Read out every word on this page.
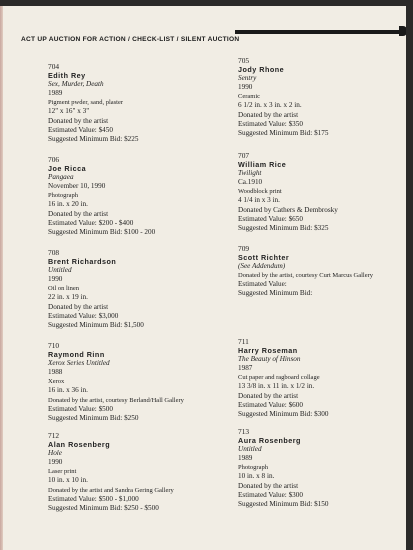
ACT UP AUCTION FOR ACTION / CHECK-LIST / SILENT AUCTION
704
Edith Rey
Sex, Murder, Death
1989
Pigment pwder, sand, plaster
12" x 16" x 3"
Donated by the artist
Estimated Value: $450
Suggested Minimum Bid: $225
705
Jody Rhone
Sentry
1990
Ceramic
6 1/2 in. x 3 in. x 2 in.
Donated by the artist
Estimated Value: $350
Suggested Minimum Bid: $175
706
Joe Ricca
Pangaea
November 10, 1990
Photograph
16 in. x 20 in.
Donated by the artist
Estimated Value: $200 - $400
Suggested Minimum Bid: $100 - 200
707
William Rice
Twilight
Ca.1910
Woodblock print
4 1/4 in x 3 in.
Donated by Cathers & Dembrosky
Estimated Value: $650
Suggested Minimum Bid: $325
708
Brent Richardson
Untitled
1990
Oil on linen
22 in. x 19 in.
Donated by the artist
Estimated Value: $3,000
Suggested Minimum Bid: $1,500
709
Scott Richter
(See Addendum)
Donated by the artist, courtesy Curt Marcus Gallery
Estimated Value:
Suggested Minimum Bid:
710
Raymond Rinn
Xerox Series Untitled
1988
Xerox
16 in. x 36 in.
Donated by the artist, courtesy Berland/Hall Gallery
Estimated Value: $500
Suggested Minimum Bid: $250
711
Harry Roseman
The Beauty of Hinson
1987
Cut paper and ragboard collage
13 3/8 in. x 11 in. x 1/2 in.
Donated by the artist
Estimated Value: $600
Suggested Minimum Bid: $300
712
Alan Rosenberg
Hole
1990
Laser print
10 in. x 10 in.
Donated by the artist and Sandra Gering Gallery
Estimated Value: $500 - $1,000
Suggested Minimum Bid: $250 - $500
713
Aura Rosenberg
Untitled
1989
Photograph
10 in. x 8 in.
Donated by the artist
Estimated Value: $300
Suggested Minimum Bid: $150
